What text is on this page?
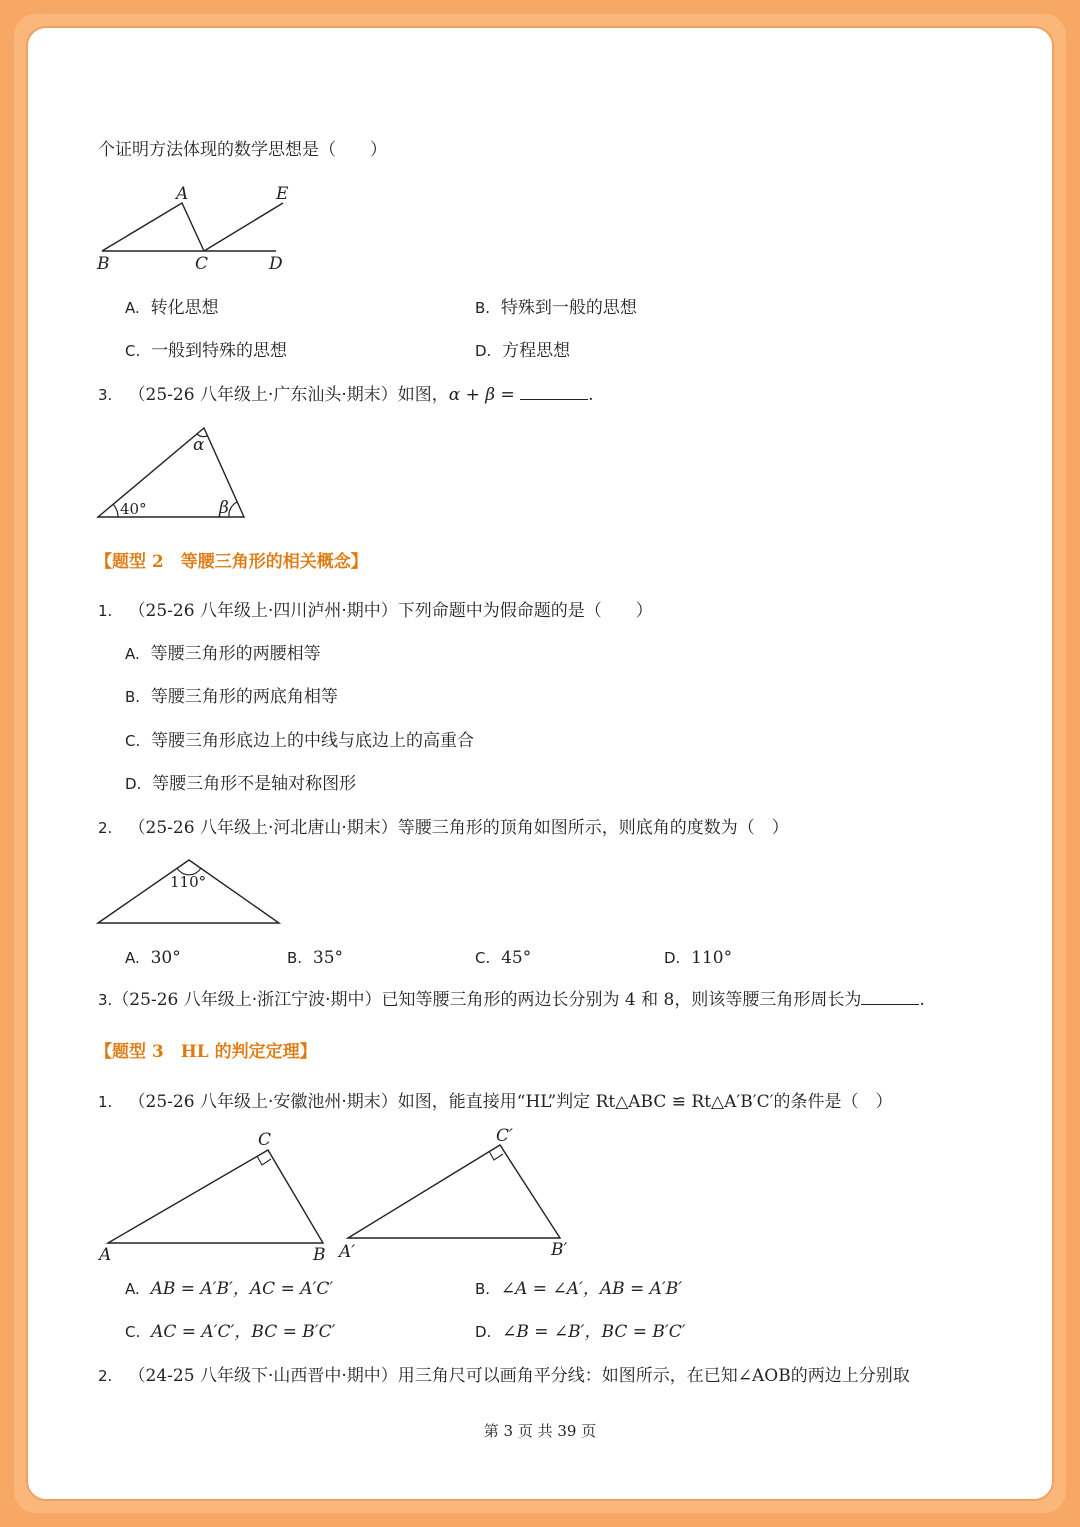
个证明方法体现的数学思想是（　　）
A	E
B	C	D
A. 转化思想	B. 特殊到一般的思想
C. 一般到特殊的思想	D. 方程思想
3. （25-26 八年级上·广东汕头·期末）如图，α + β =	.
α
β
40°
【题型 2　等腰三角形的相关概念】
1. （25-26 八年级上·四川泸州·期中）下列命题中为假命题的是（　　）
A. 等腰三角形的两腰相等
B. 等腰三角形的两底角相等
C. 等腰三角形底边上的中线与底边上的高重合
D. 等腰三角形不是轴对称图形
2. （25-26 八年级上·河北唐山·期末）等腰三角形的顶角如图所示，则底角的度数为（　）
110°
A. 30°	B. 35°	C. 45°	D. 110°
3.（25-26 八年级上·浙江宁波·期中）已知等腰三角形的两边长分别为 4 和 8，则该等腰三角形周长为	.
【题型 3　HL 的判定定理】
1. （25-26 八年级上·安徽池州·期末）如图，能直接用“HL”判定 Rt△ABC ≌ Rt△A′B′C′的条件是（　）
A	B
C
A′	B′
C′
A. AB = A′B′，AC = A′C′	B. ∠A = ∠A′，AB = A′B′
C. AC = A′C′，BC = B′C′	D. ∠B = ∠B′，BC = B′C′
2. （24-25 八年级下·山西晋中·期中）用三角尺可以画角平分线：如图所示，在已知∠AOB的两边上分别取
第 3 页 共 39 页
